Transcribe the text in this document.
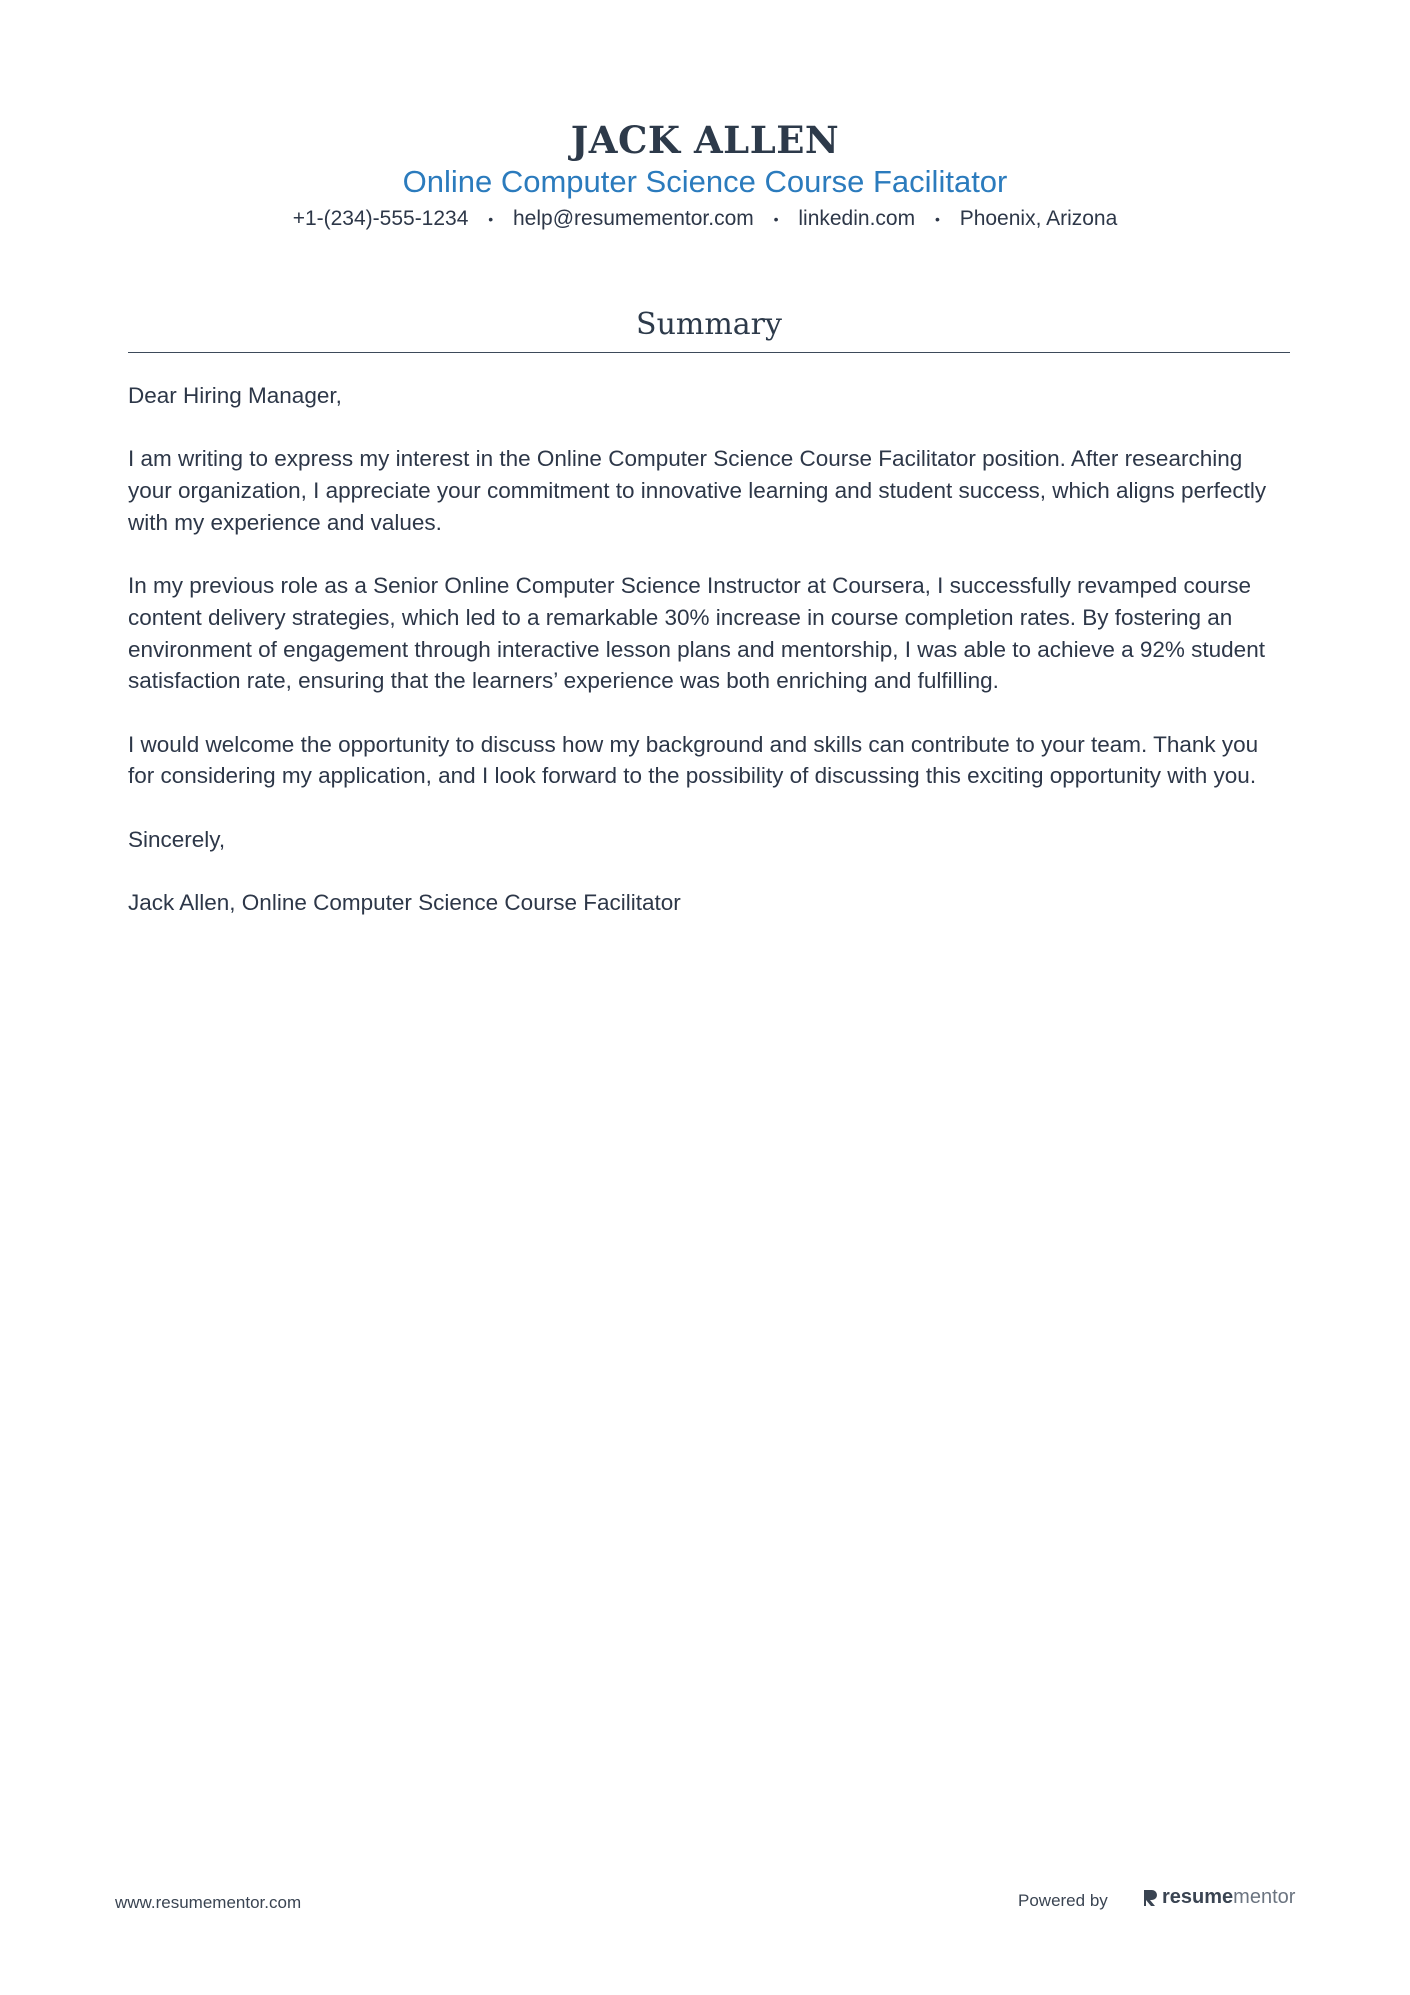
JACK ALLEN
Online Computer Science Course Facilitator
+1-(234)-555-1234 • help@resumementor.com • linkedin.com • Phoenix, Arizona
Summary

Dear Hiring Manager,

I am writing to express my interest in the Online Computer Science Course Facilitator position. After researching your organization, I appreciate your commitment to innovative learning and student success, which aligns perfectly with my experience and values.

In my previous role as a Senior Online Computer Science Instructor at Coursera, I successfully revamped course content delivery strategies, which led to a remarkable 30% increase in course completion rates. By fostering an environment of engagement through interactive lesson plans and mentorship, I was able to achieve a 92% student satisfaction rate, ensuring that the learners’ experience was both enriching and fulfilling.

I would welcome the opportunity to discuss how my background and skills can contribute to your team. Thank you for considering my application, and I look forward to the possibility of discussing this exciting opportunity with you.

Sincerely,

Jack Allen, Online Computer Science Course Facilitator

www.resumementor.com	Powered by	resume mentor
